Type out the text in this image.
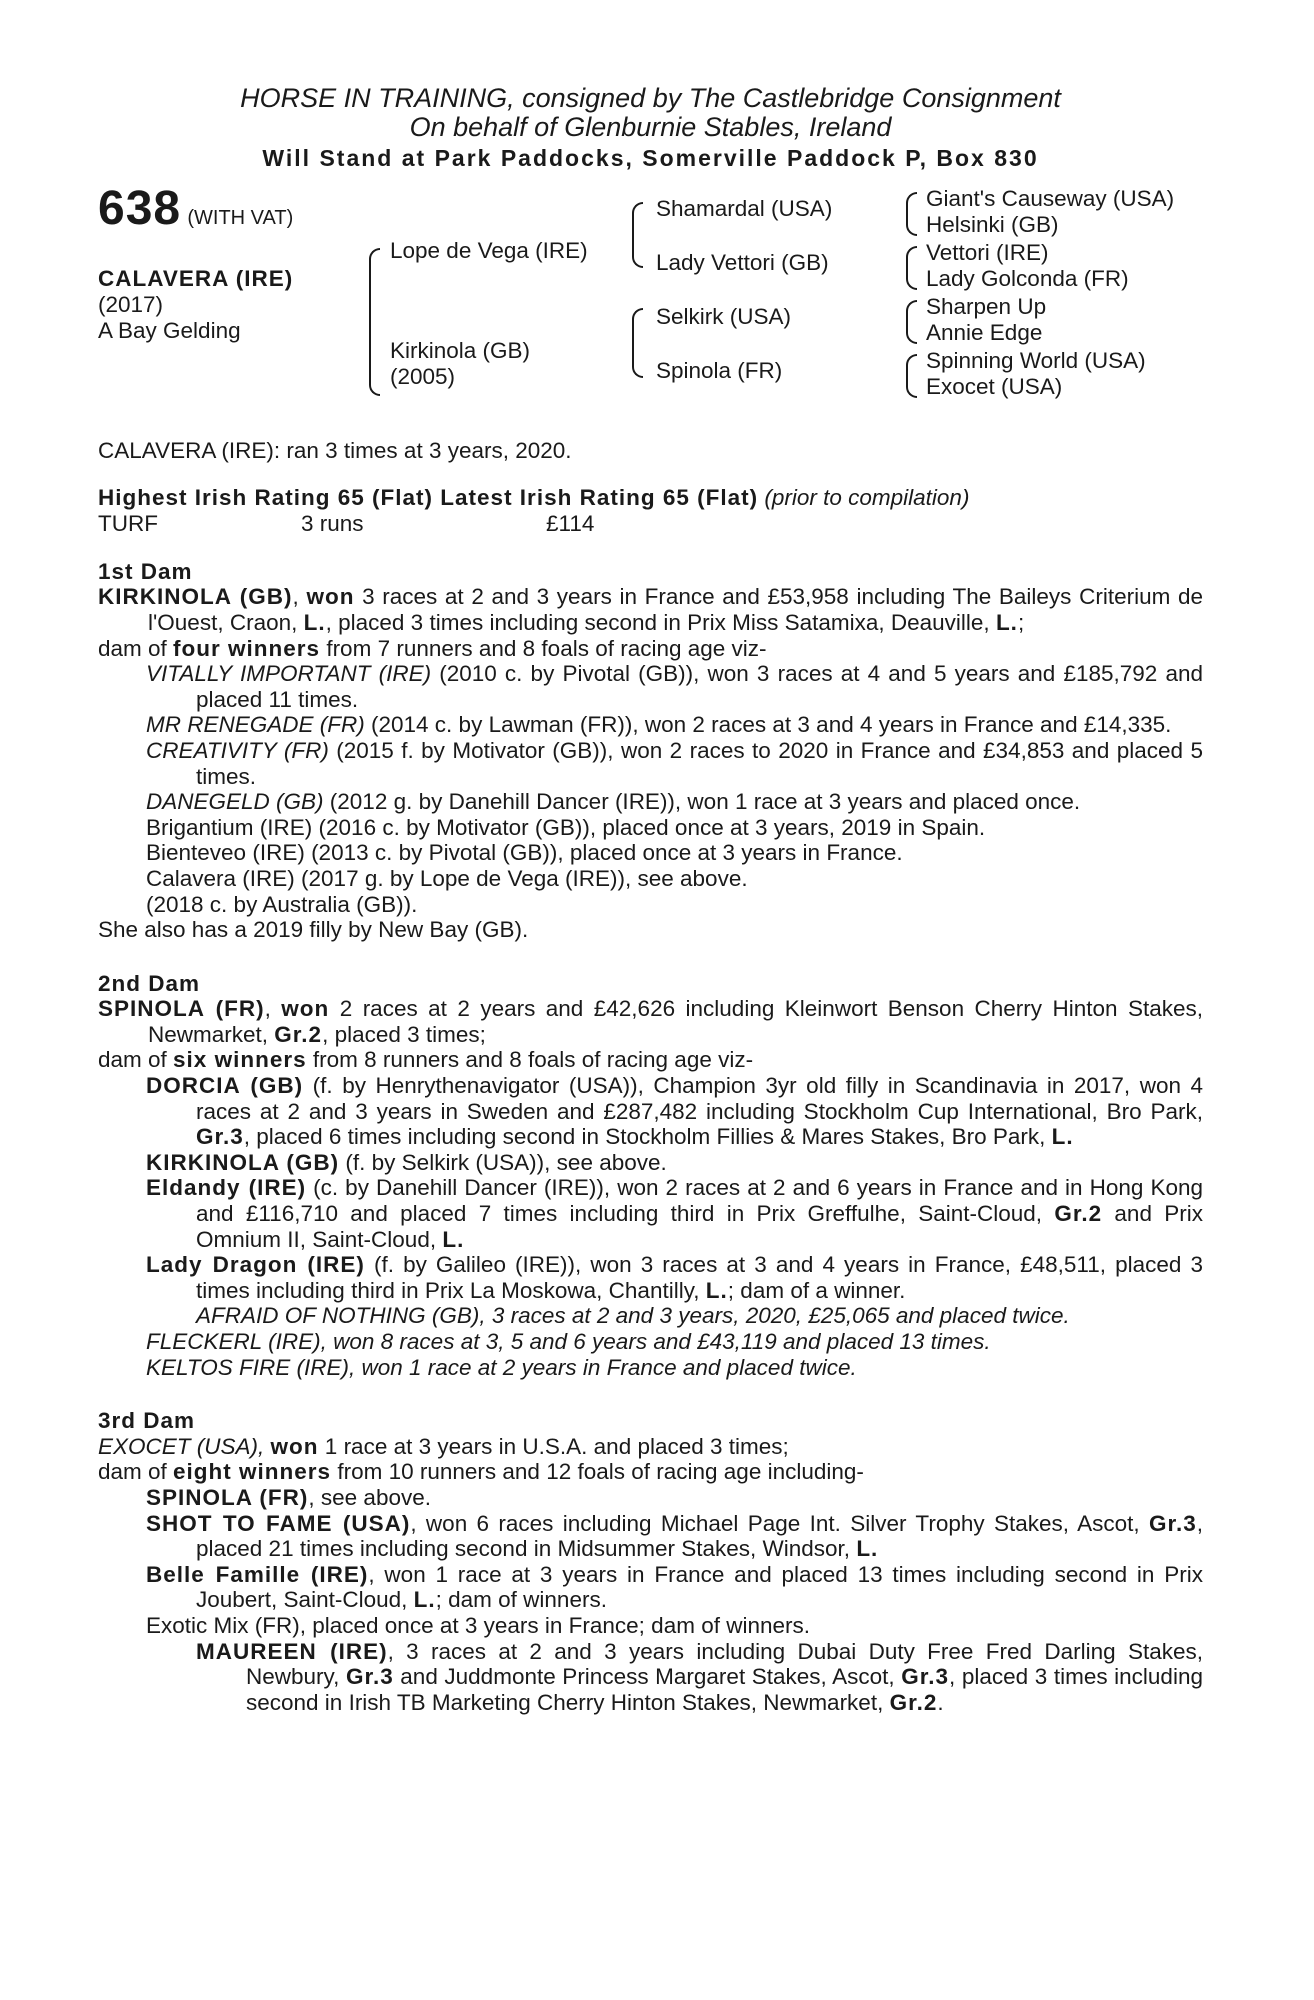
HORSE IN TRAINING, consigned by The Castlebridge Consignment
On behalf of Glenburnie Stables, Ireland
Will Stand at Park Paddocks, Somerville Paddock P, Box 830
638 (WITH VAT)
CALAVERA (IRE)
(2017)
A Bay Gelding
Lope de Vega (IRE)
Kirkinola (GB)
(2005)
Shamardal (USA)
Lady Vettori (GB)
Selkirk (USA)
Spinola (FR)
Giant's Causeway (USA)
Helsinki (GB)
Vettori (IRE)
Lady Golconda (FR)
Sharpen Up
Annie Edge
Spinning World (USA)
Exocet (USA)
CALAVERA (IRE): ran 3 times at 3 years, 2020.
Highest Irish Rating 65 (Flat) Latest Irish Rating 65 (Flat) (prior to compilation)
TURF	3 runs	£114
1st Dam
KIRKINOLA (GB), won 3 races at 2 and 3 years in France and £53,958 including The Baileys Criterium de l'Ouest, Craon, L., placed 3 times including second in Prix Miss Satamixa, Deauville, L.;
dam of four winners from 7 runners and 8 foals of racing age viz-
VITALLY IMPORTANT (IRE) (2010 c. by Pivotal (GB)), won 3 races at 4 and 5 years and £185,792 and placed 11 times.
MR RENEGADE (FR) (2014 c. by Lawman (FR)), won 2 races at 3 and 4 years in France and £14,335.
CREATIVITY (FR) (2015 f. by Motivator (GB)), won 2 races to 2020 in France and £34,853 and placed 5 times.
DANEGELD (GB) (2012 g. by Danehill Dancer (IRE)), won 1 race at 3 years and placed once.
Brigantium (IRE) (2016 c. by Motivator (GB)), placed once at 3 years, 2019 in Spain.
Bienteveo (IRE) (2013 c. by Pivotal (GB)), placed once at 3 years in France.
Calavera (IRE) (2017 g. by Lope de Vega (IRE)), see above.
(2018 c. by Australia (GB)).
She also has a 2019 filly by New Bay (GB).
2nd Dam
SPINOLA (FR), won 2 races at 2 years and £42,626 including Kleinwort Benson Cherry Hinton Stakes, Newmarket, Gr.2, placed 3 times;
dam of six winners from 8 runners and 8 foals of racing age viz-
DORCIA (GB) (f. by Henrythenavigator (USA)), Champion 3yr old filly in Scandinavia in 2017, won 4 races at 2 and 3 years in Sweden and £287,482 including Stockholm Cup International, Bro Park, Gr.3, placed 6 times including second in Stockholm Fillies & Mares Stakes, Bro Park, L.
KIRKINOLA (GB) (f. by Selkirk (USA)), see above.
Eldandy (IRE) (c. by Danehill Dancer (IRE)), won 2 races at 2 and 6 years in France and in Hong Kong and £116,710 and placed 7 times including third in Prix Greffulhe, Saint-Cloud, Gr.2 and Prix Omnium II, Saint-Cloud, L.
Lady Dragon (IRE) (f. by Galileo (IRE)), won 3 races at 3 and 4 years in France, £48,511, placed 3 times including third in Prix La Moskowa, Chantilly, L.; dam of a winner.
AFRAID OF NOTHING (GB), 3 races at 2 and 3 years, 2020, £25,065 and placed twice.
FLECKERL (IRE), won 8 races at 3, 5 and 6 years and £43,119 and placed 13 times.
KELTOS FIRE (IRE), won 1 race at 2 years in France and placed twice.
3rd Dam
EXOCET (USA), won 1 race at 3 years in U.S.A. and placed 3 times;
dam of eight winners from 10 runners and 12 foals of racing age including-
SPINOLA (FR), see above.
SHOT TO FAME (USA), won 6 races including Michael Page Int. Silver Trophy Stakes, Ascot, Gr.3, placed 21 times including second in Midsummer Stakes, Windsor, L.
Belle Famille (IRE), won 1 race at 3 years in France and placed 13 times including second in Prix Joubert, Saint-Cloud, L.; dam of winners.
Exotic Mix (FR), placed once at 3 years in France; dam of winners.
MAUREEN (IRE), 3 races at 2 and 3 years including Dubai Duty Free Fred Darling Stakes, Newbury, Gr.3 and Juddmonte Princess Margaret Stakes, Ascot, Gr.3, placed 3 times including second in Irish TB Marketing Cherry Hinton Stakes, Newmarket, Gr.2.
